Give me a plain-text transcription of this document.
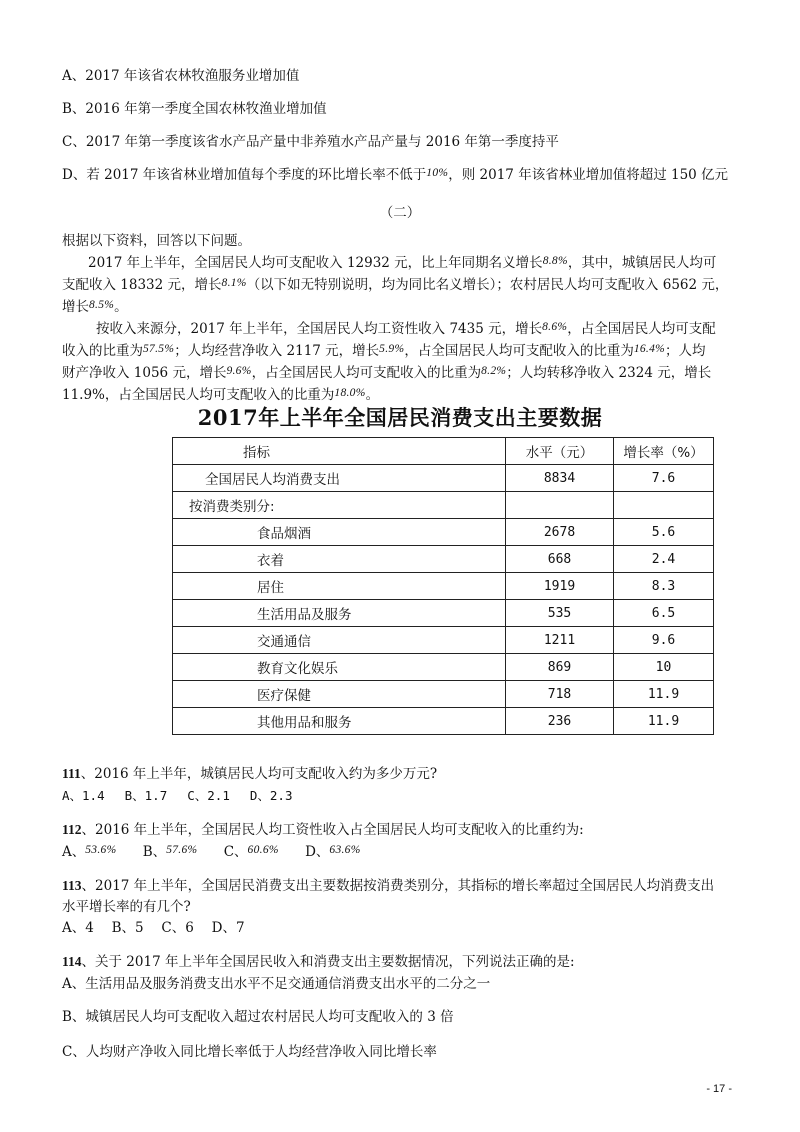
A、2017 年该省农林牧渔服务业增加值
B、2016 年第一季度全国农林牧渔业增加值
C、2017 年第一季度该省水产品产量中非养殖水产品产量与 2016 年第一季度持平
D、若 2017 年该省林业增加值每个季度的环比增长率不低于10%，则 2017 年该省林业增加值将超过 150 亿元
（二）
根据以下资料，回答以下问题。
2017 年上半年，全国居民人均可支配收入 12932 元，比上年同期名义增长8.8%，其中，城镇居民人均可
支配收入 18332 元，增长8.1%（以下如无特别说明，均为同比名义增长）；农村居民人均可支配收入 6562 元，
增长8.5%。
按收入来源分，2017 年上半年，全国居民人均工资性收入 7435 元，增长8.6%，占全国居民人均可支配
收入的比重为57.5%；人均经营净收入 2117 元，增长5.9%，占全国居民人均可支配收入的比重为16.4%；人均
财产净收入 1056 元，增长9.6%，占全国居民人均可支配收入的比重为8.2%；人均转移净收入 2324 元，增长
11.9%，占全国居民人均可支配收入的比重为18.0%。
2017年上半年全国居民消费支出主要数据
指标	水平（元）	增长率（%）
全国居民人均消费支出	8834	7.6
按消费类别分:		
食品烟酒	2678	5.6
衣着	668	2.4
居住	1919	8.3
生活用品及服务	535	6.5
交通通信	1211	9.6
教育文化娱乐	869	10
医疗保健	718	11.9
其他用品和服务	236	11.9
111、2016 年上半年，城镇居民人均可支配收入约为多少万元?
A、1.4　 B、1.7　 C、2.1　 D、2.3
112、2016 年上半年，全国居民人均工资性收入占全国居民人均可支配收入的比重约为:
A、53.6% B、57.6% C、60.6% D、63.6%
113、2017 年上半年，全国居民消费支出主要数据按消费类别分，其指标的增长率超过全国居民人均消费支出
水平增长率的有几个?
A、4　 B、5　 C、6　 D、7
114、关于 2017 年上半年全国居民收入和消费支出主要数据情况，下列说法正确的是:
A、生活用品及服务消费支出水平不足交通通信消费支出水平的二分之一
B、城镇居民人均可支配收入超过农村居民人均可支配收入的 3 倍
C、人均财产净收入同比增长率低于人均经营净收入同比增长率
- 17 -
